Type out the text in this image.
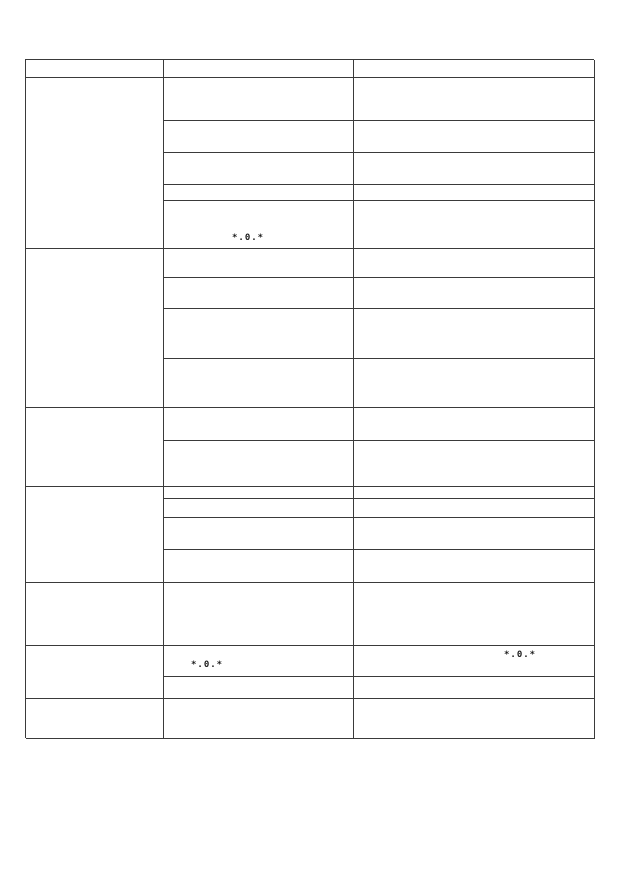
*.0.*
*.0.*
*.0.*
